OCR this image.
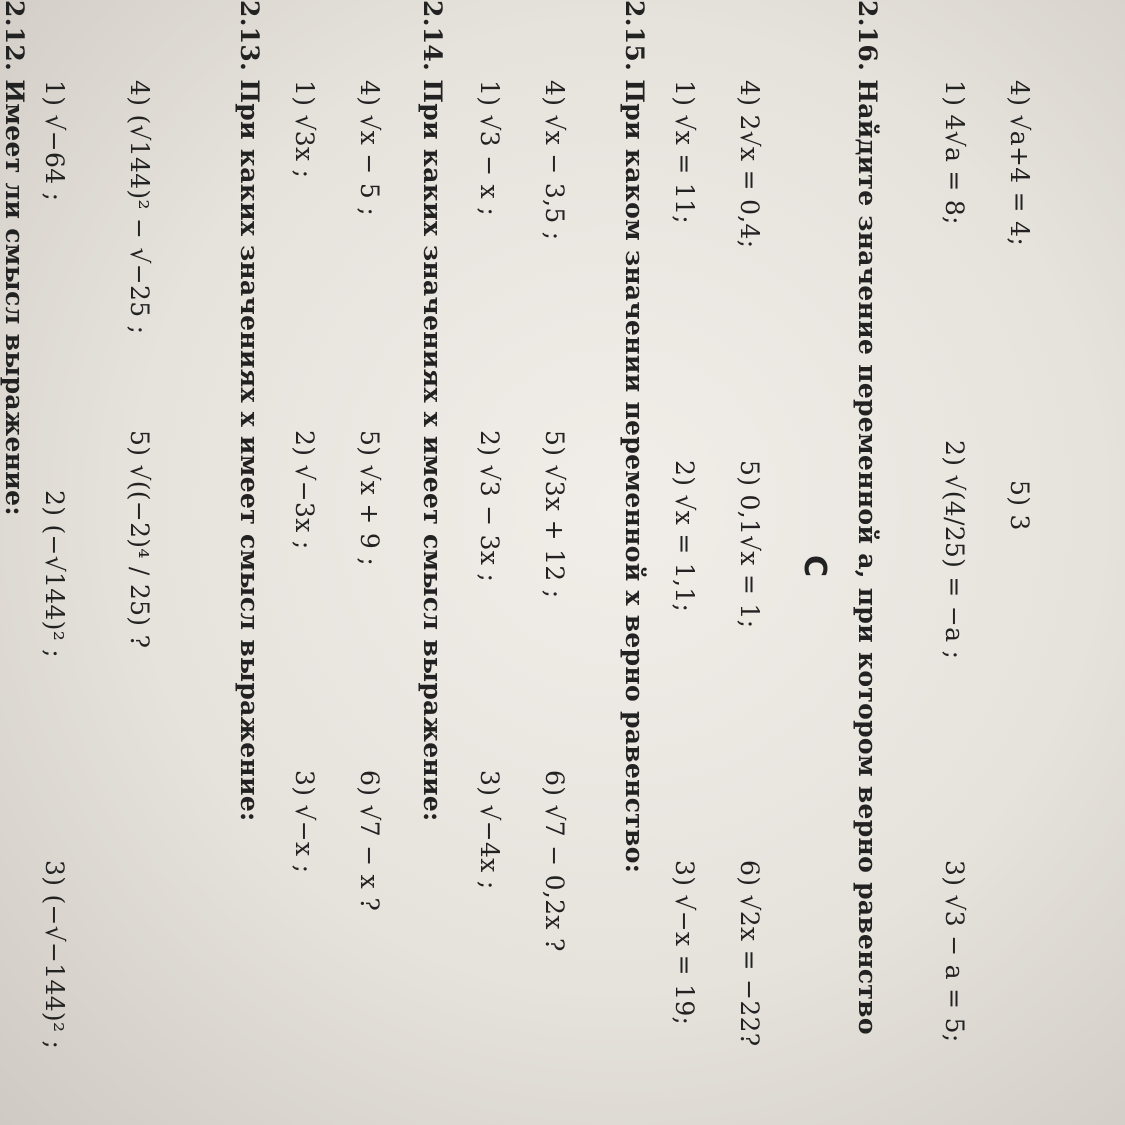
2.12. Имеет ли смысл выражение: 1) √−64 ;
2) (−√144)² ;
3) (−√−144)² ;
4) (√144)² − √−25 ;
5) √((−2)⁴ / 25) ?
2.13. При каких значениях x имеет смысл выражение: 1) √3x ;
2) √−3x ;
3) √−x ;
4) √x − 5 ;
5) √x + 9 ;
6) √7 − x ?
2.14. При каких значениях x имеет смысл выражение: 1) √3 − x ;
2) √3 − 3x ;
3) √−4x ;
4) √x − 3,5 ;
5) √3x + 12 ;
6) √7 − 0,2x ?
2.15. При каком значении переменной x верно равенство: 1) √x = 11;
2) √x = 1,1;
3) √−x = 19;
4) 2√x = 0,4;
5) 0,1√x = 1;
6) √2x = −22?
C
2.16. Найдите значение переменной a, при котором верно равенство 1) 4√a = 8;
2) √(4/25) = −a ;
3) √3 − a = 5;
4) √a+4 = 4;
5) 3
